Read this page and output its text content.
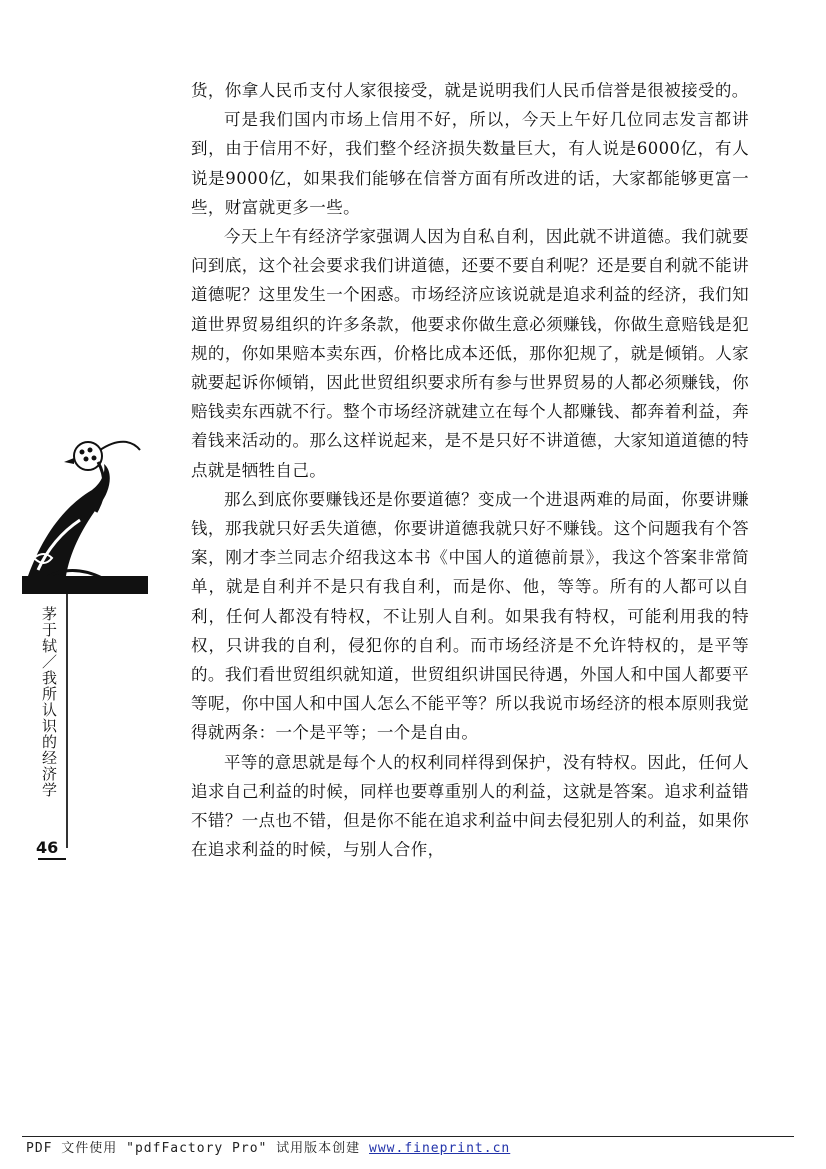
货，你拿人民币支付人家很接受，就是说明我们人民币信誉是很被接受的。

可是我们国内市场上信用不好，所以，今天上午好几位同志发言都讲到，由于信用不好，我们整个经济损失数量巨大，有人说是6000亿，有人说是9000亿，如果我们能够在信誉方面有所改进的话，大家都能够更富一些，财富就更多一些。

今天上午有经济学家强调人因为自私自利，因此就不讲道德。我们就要问到底，这个社会要求我们讲道德，还要不要自利呢？还是要自利就不能讲道德呢？这里发生一个困惑。市场经济应该说就是追求利益的经济，我们知道世界贸易组织的许多条款，他要求你做生意必须赚钱，你做生意赔钱是犯规的，你如果赔本卖东西，价格比成本还低，那你犯规了，就是倾销。人家就要起诉你倾销，因此世贸组织要求所有参与世界贸易的人都必须赚钱，你赔钱卖东西就不行。整个市场经济就建立在每个人都赚钱、都奔着利益，奔着钱来活动的。那么这样说起来，是不是只好不讲道德，大家知道道德的特点就是牺牲自己。

那么到底你要赚钱还是你要道德？变成一个进退两难的局面，你要讲赚钱，那我就只好丢失道德，你要讲道德我就只好不赚钱。这个问题我有个答案，刚才李兰同志介绍我这本书《中国人的道德前景》，我这个答案非常简单，就是自利并不是只有我自利，而是你、他，等等。所有的人都可以自利，任何人都没有特权，不让别人自利。如果我有特权，可能利用我的特权，只讲我的自利，侵犯你的自利。而市场经济是不允许特权的，是平等的。我们看世贸组织就知道，世贸组织讲国民待遇，外国人和中国人都要平等呢，你中国人和中国人怎么不能平等？所以我说市场经济的根本原则我觉得就两条：一个是平等；一个是自由。

平等的意思就是每个人的权利同样得到保护，没有特权。因此，任何人追求自己利益的时候，同样也要尊重别人的利益，这就是答案。追求利益错不错？一点也不错，但是你不能在追求利益中间去侵犯别人的利益，如果你在追求利益的时候，与别人合作，

茅于轼／我所认识的经济学
46
PDF 文件使用 "pdfFactory Pro" 试用版本创建 www.fineprint.cn
